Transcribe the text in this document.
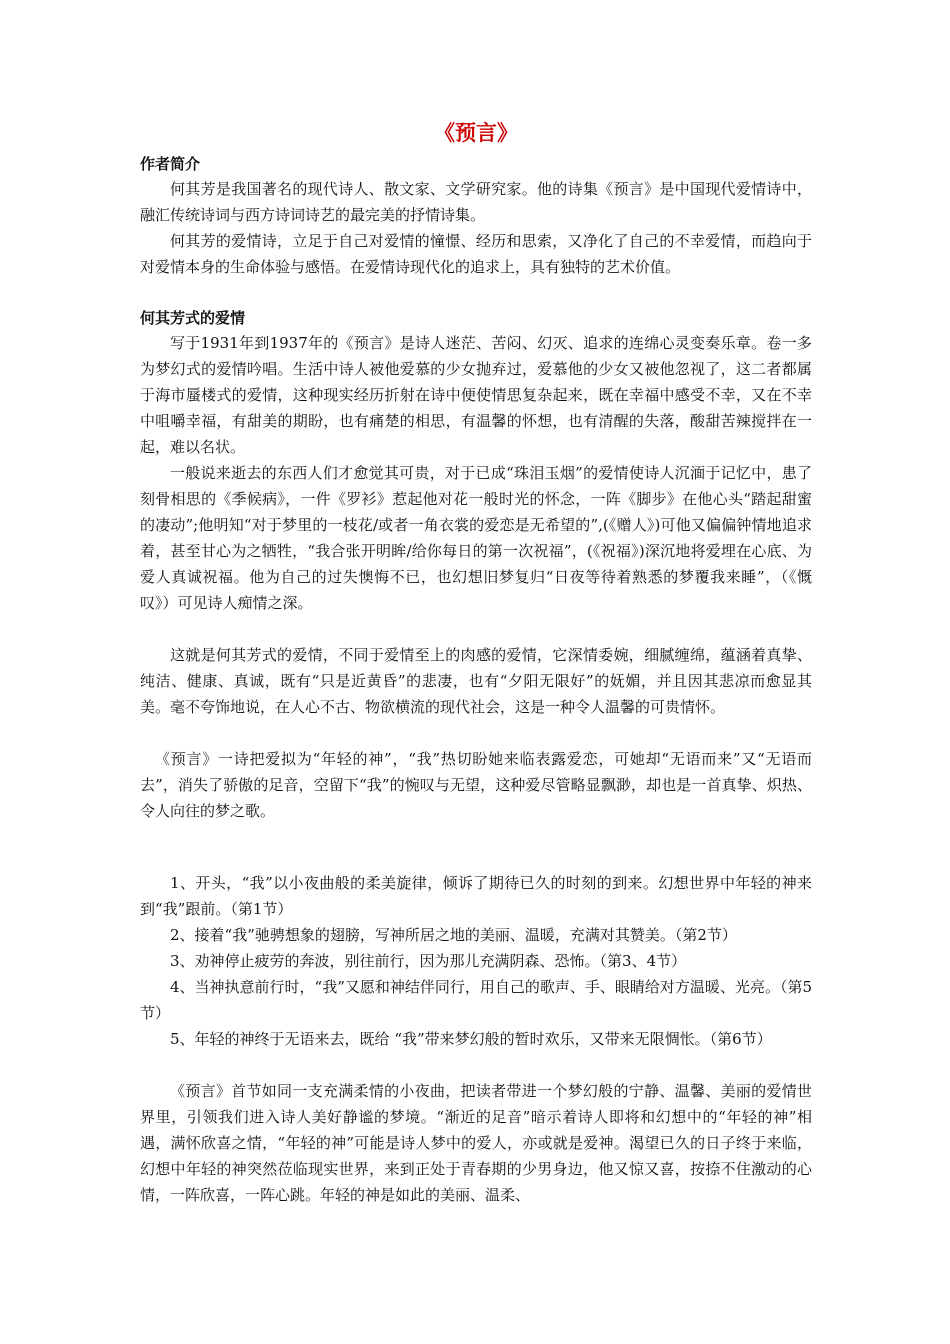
《预言》
作者简介

何其芳是我国著名的现代诗人、散文家、文学研究家。他的诗集《预言》是中国现代爱情诗中，融汇传统诗词与西方诗词诗艺的最完美的抒情诗集。

何其芳的爱情诗，立足于自己对爱情的憧憬、经历和思索，又净化了自己的不幸爱情，而趋向于对爱情本身的生命体验与感悟。在爱情诗现代化的追求上，具有独特的艺术价值。

何其芳式的爱情

写于1931年到1937年的《预言》是诗人迷茫、苦闷、幻灭、追求的连绵心灵变奏乐章。卷一多为梦幻式的爱情吟唱。生活中诗人被他爱慕的少女抛弃过，爱慕他的少女又被他忽视了，这二者都属于海市蜃楼式的爱情，这种现实经历折射在诗中便使情思复杂起来，既在幸福中感受不幸，又在不幸中咀嚼幸福，有甜美的期盼，也有痛楚的相思，有温馨的怀想，也有清醒的失落，酸甜苦辣搅拌在一起，难以名状。

一般说来逝去的东西人们才愈觉其可贵，对于已成“珠泪玉烟”的爱情使诗人沉湎于记忆中，患了刻骨相思的《季候病》，一件《罗衫》惹起他对花一般时光的怀念，一阵《脚步》在他心头“踏起甜蜜的凄动”;他明知“对于梦里的一枝花/或者一角衣裳的爱恋是无希望的”,(《赠人》)可他又偏偏钟情地追求着，甚至甘心为之牺牲，“我合张开明眸/给你每日的第一次祝福”，(《祝福》)深沉地将爱埋在心底、为爱人真诚祝福。他为自己的过失懊悔不已，也幻想旧梦复归“日夜等待着熟悉的梦覆我来睡”，（《慨叹》）可见诗人痴情之深。

这就是何其芳式的爱情，不同于爱情至上的肉感的爱情，它深情委婉，细腻缠绵，蕴涵着真挚、纯洁、健康、真诚，既有“只是近黄昏”的悲凄，也有“夕阳无限好”的妩媚，并且因其悲凉而愈显其美。毫不夸饰地说，在人心不古、物欲横流的现代社会，这是一种令人温馨的可贵情怀。

《预言》一诗把爱拟为“年轻的神”，“我”热切盼她来临表露爱恋，可她却“无语而来”又“无语而去”，消失了骄傲的足音，空留下“我”的惋叹与无望，这种爱尽管略显飘渺，却也是一首真挚、炽热、令人向往的梦之歌。

1、开头，“我”以小夜曲般的柔美旋律，倾诉了期待已久的时刻的到来。幻想世界中年轻的神来到“我”跟前。（第1节）

2、接着“我”驰骋想象的翅膀，写神所居之地的美丽、温暖，充满对其赞美。（第2节）

3、劝神停止疲劳的奔波，别往前行，因为那儿充满阴森、恐怖。（第3、4节）

4、当神执意前行时，“我”又愿和神结伴同行，用自己的歌声、手、眼睛给对方温暖、光亮。（第5节）

5、年轻的神终于无语来去，既给 “我”带来梦幻般的暂时欢乐，又带来无限惆怅。（第6节）

《预言》首节如同一支充满柔情的小夜曲，把读者带进一个梦幻般的宁静、温馨、美丽的爱情世界里，引领我们进入诗人美好静谧的梦境。“渐近的足音”暗示着诗人即将和幻想中的“年轻的神”相遇，满怀欣喜之情，“年轻的神”可能是诗人梦中的爱人，亦或就是爱神。渴望已久的日子终于来临，幻想中年轻的神突然莅临现实世界，来到正处于青春期的少男身边，他又惊又喜，按捺不住激动的心情，一阵欣喜，一阵心跳。年轻的神是如此的美丽、温柔、
